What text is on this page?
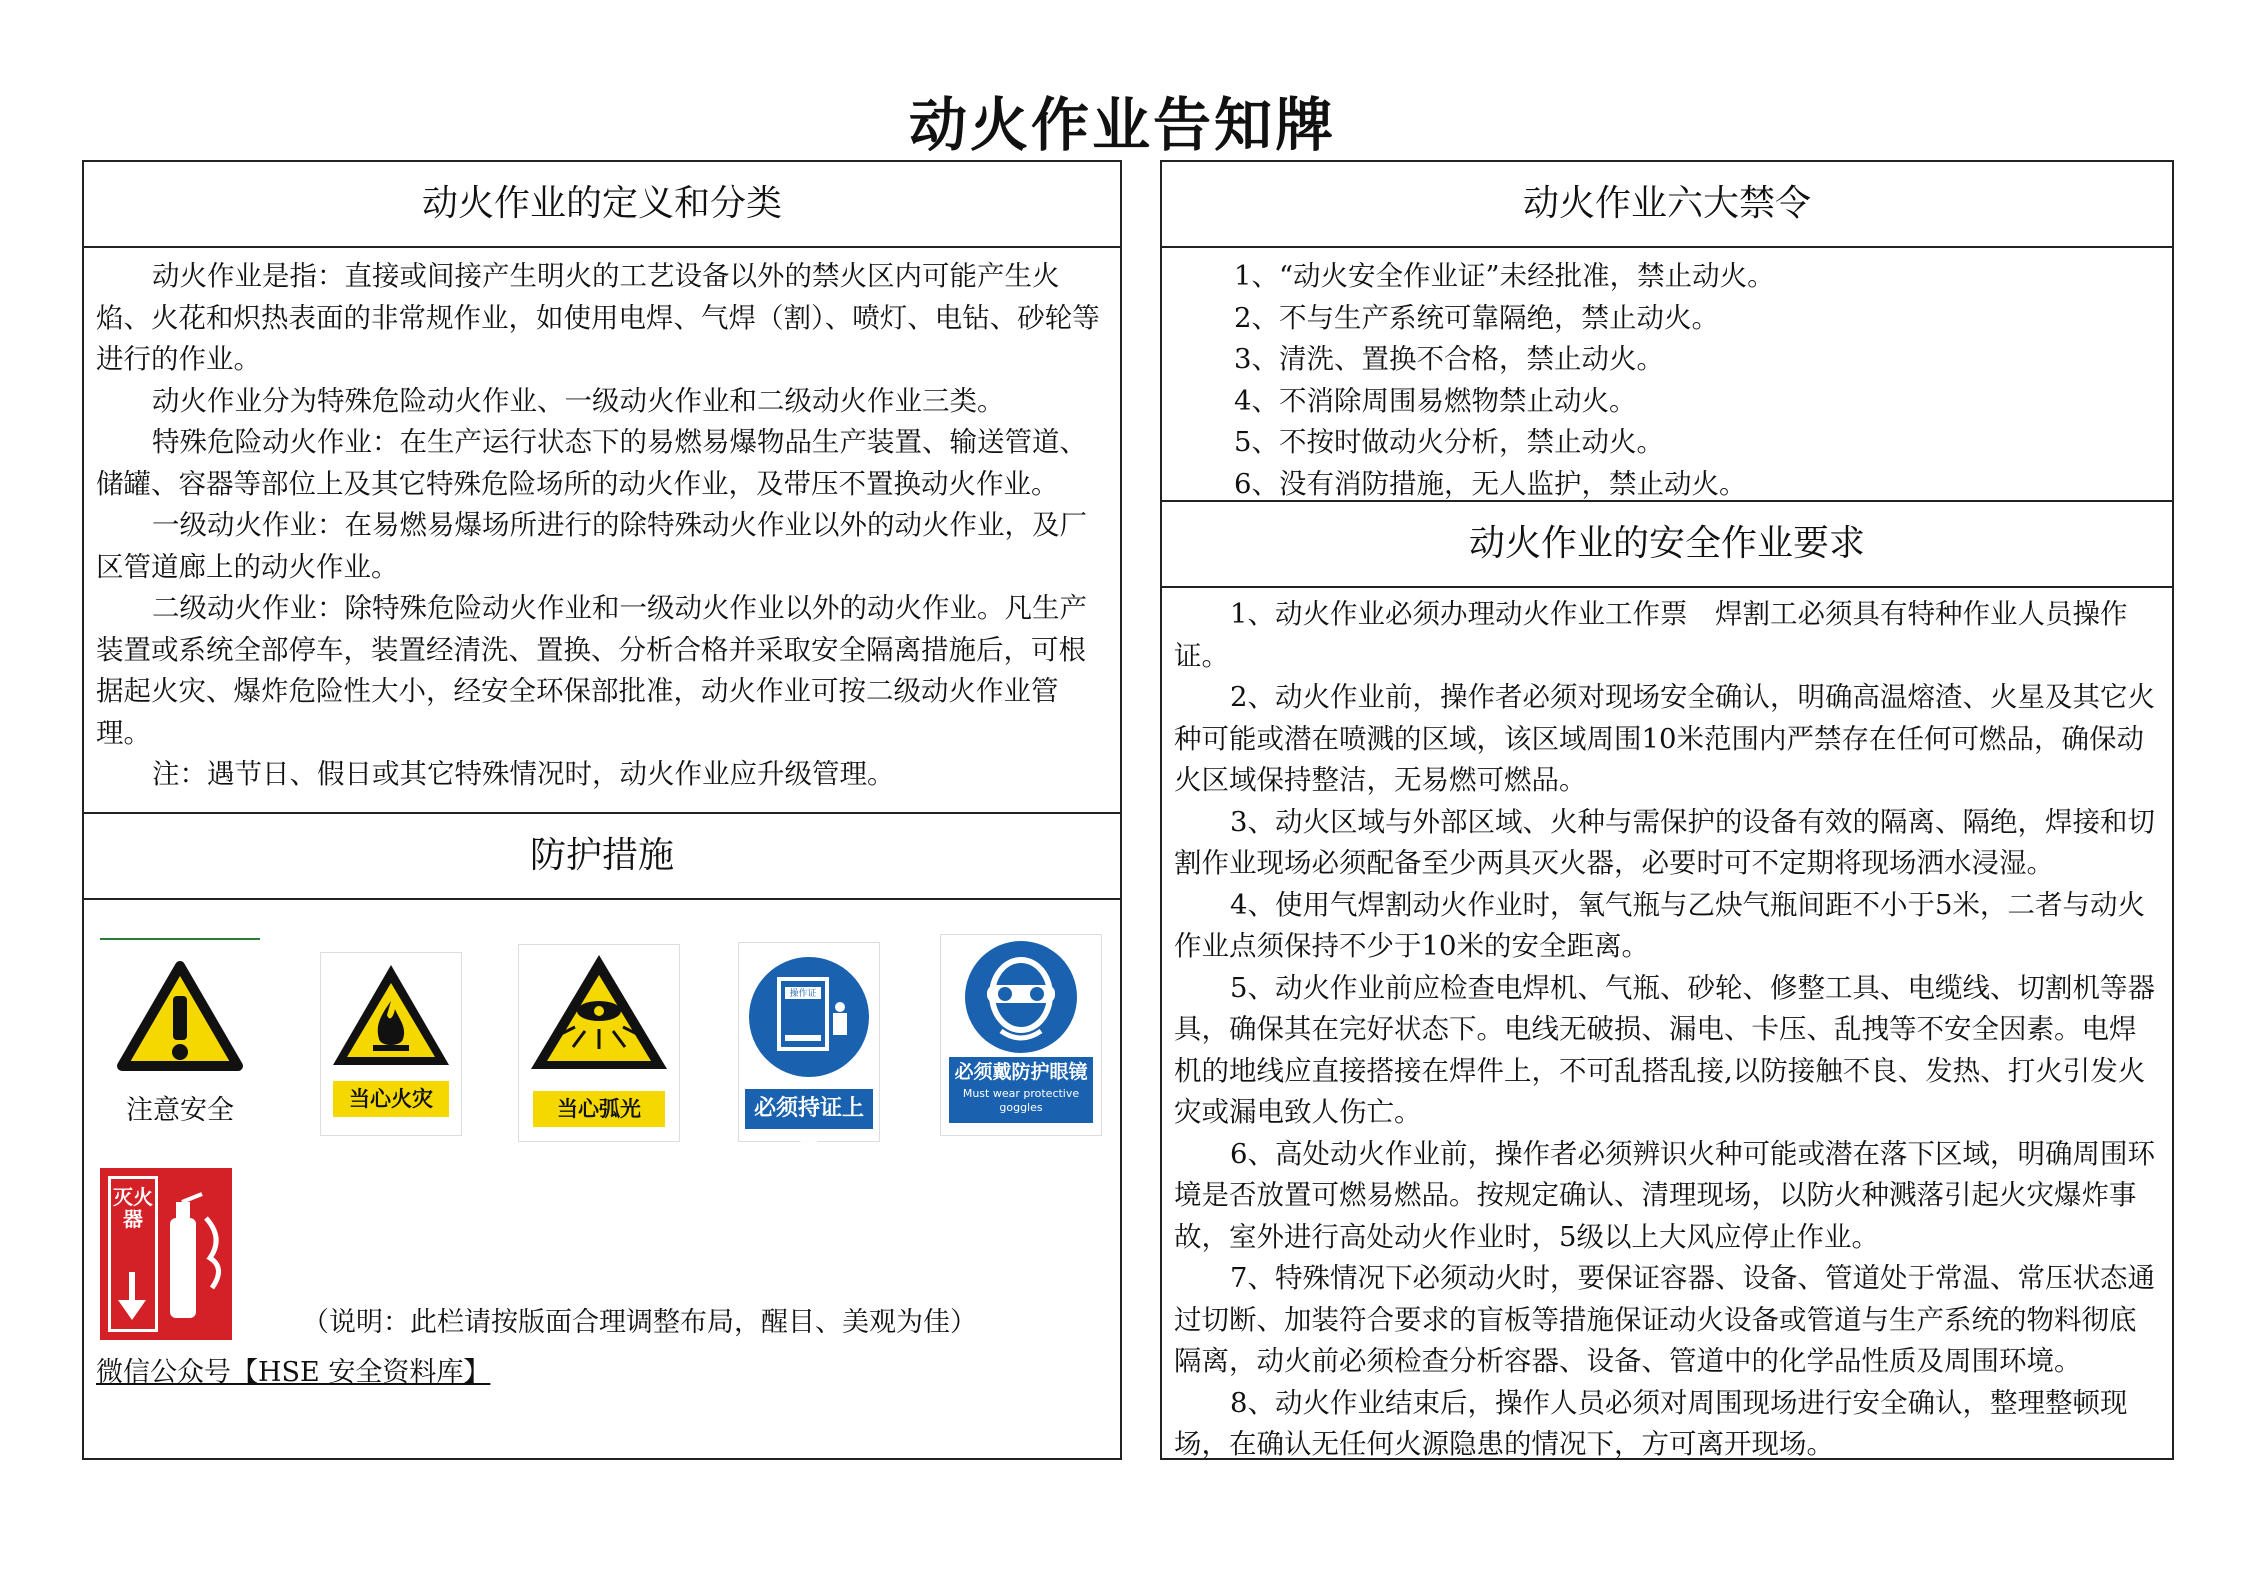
动火作业告知牌
动火作业的定义和分类

动火作业是指：直接或间接产生明火的工艺设备以外的禁火区内可能产生火焰、火花和炽热表面的非常规作业，如使用电焊、气焊（割）、喷灯、电钻、砂轮等进行的作业。

动火作业分为特殊危险动火作业、一级动火作业和二级动火作业三类。

特殊危险动火作业：在生产运行状态下的易燃易爆物品生产装置、输送管道、储罐、容器等部位上及其它特殊危险场所的动火作业，及带压不置换动火作业。

一级动火作业：在易燃易爆场所进行的除特殊动火作业以外的动火作业，及厂区管道廊上的动火作业。

二级动火作业：除特殊危险动火作业和一级动火作业以外的动火作业。凡生产装置或系统全部停车，装置经清洗、置换、分析合格并采取安全隔离措施后，可根据起火灾、爆炸危险性大小，经安全环保部批准，动火作业可按二级动火作业管理。

注：遇节日、假日或其它特殊情况时，动火作业应升级管理。

防护措施
注意安全	当心火灾	当心弧光
操作证
必须持证上岗
必须戴防护眼镜
Must wear protective goggles
灭火器
（说明：此栏请按版面合理调整布局，醒目、美观为佳）
微信公众号【HSE 安全资料库】
动火作业六大禁令

1、“动火安全作业证”未经批准，禁止动火。

2、不与生产系统可靠隔绝，禁止动火。

3、清洗、置换不合格，禁止动火。

4、不消除周围易燃物禁止动火。

5、不按时做动火分析，禁止动火。

6、没有消防措施，无人监护，禁止动火。

动火作业的安全作业要求

1、动火作业必须办理动火作业工作票　焊割工必须具有特种作业人员操作证。

2、动火作业前，操作者必须对现场安全确认，明确高温熔渣、火星及其它火种可能或潜在喷溅的区域，该区域周围10米范围内严禁存在任何可燃品，确保动火区域保持整洁，无易燃可燃品。

3、动火区域与外部区域、火种与需保护的设备有效的隔离、隔绝，焊接和切割作业现场必须配备至少两具灭火器，必要时可不定期将现场洒水浸湿。

4、使用气焊割动火作业时，氧气瓶与乙炔气瓶间距不小于5米，二者与动火作业点须保持不少于10米的安全距离。

5、动火作业前应检查电焊机、气瓶、砂轮、修整工具、电缆线、切割机等器具，确保其在完好状态下。电线无破损、漏电、卡压、乱拽等不安全因素。电焊机的地线应直接搭接在焊件上，不可乱搭乱接,以防接触不良、发热、打火引发火灾或漏电致人伤亡。

6、高处动火作业前，操作者必须辨识火种可能或潜在落下区域，明确周围环境是否放置可燃易燃品。按规定确认、清理现场，以防火种溅落引起火灾爆炸事故，室外进行高处动火作业时，5级以上大风应停止作业。

7、特殊情况下必须动火时，要保证容器、设备、管道处于常温、常压状态通过切断、加装符合要求的盲板等措施保证动火设备或管道与生产系统的物料彻底隔离，动火前必须检查分析容器、设备、管道中的化学品性质及周围环境。

8、动火作业结束后，操作人员必须对周围现场进行安全确认，整理整顿现场，在确认无任何火源隐患的情况下，方可离开现场。
